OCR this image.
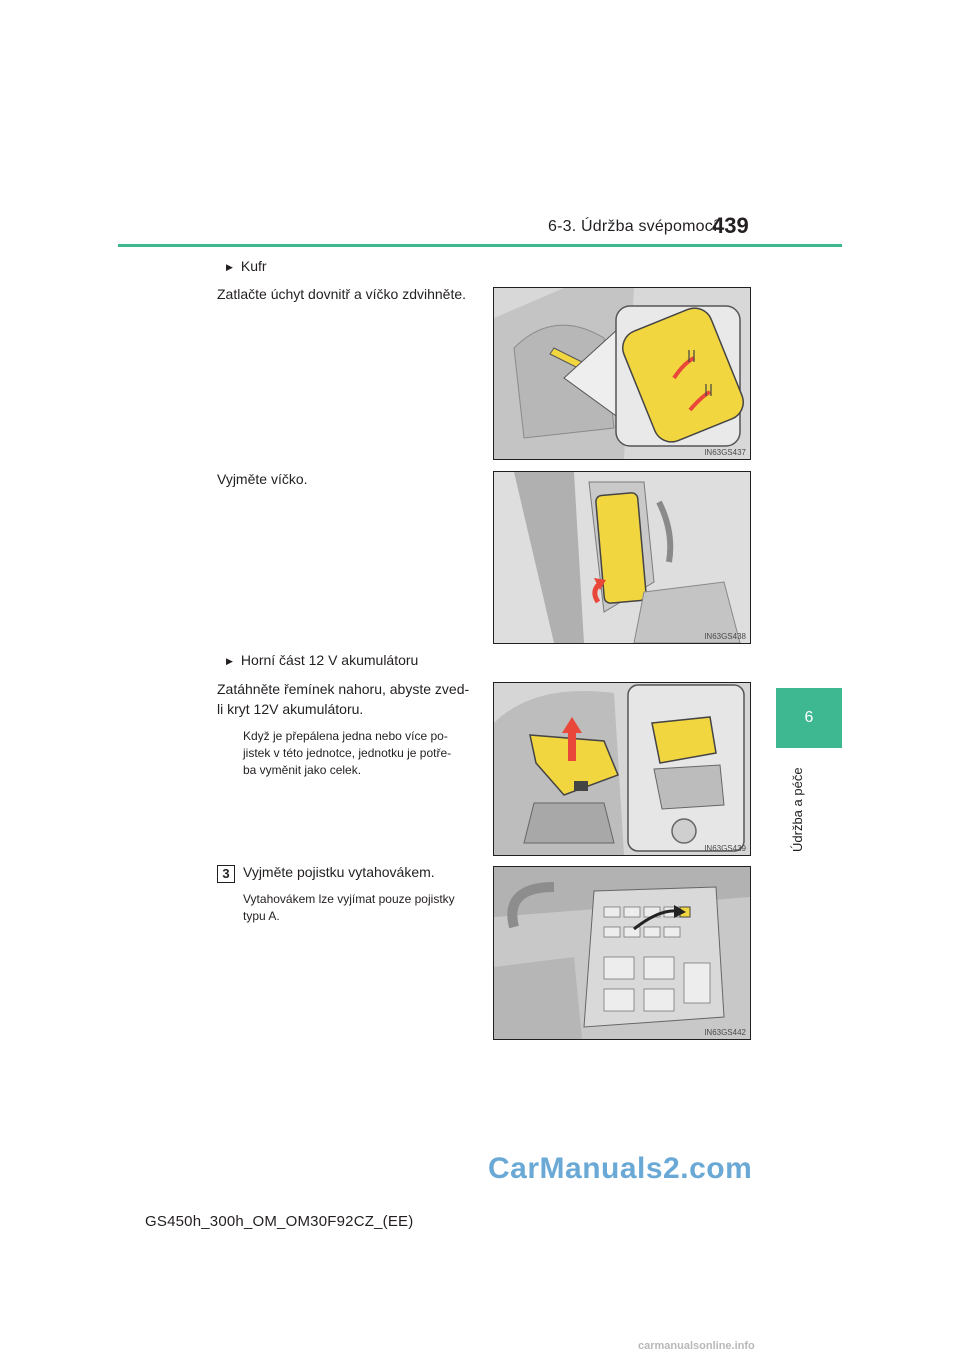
6-3. Údržba svépomocí
439
6
Údržba a péče
▶ Kufr
Zatlačte úchyt dovnitř a víčko zdvihněte.
IN63GS437
Vyjměte víčko.
IN63GS438
▶ Horní část 12 V akumulátoru
Zatáhněte řemínek nahoru, abyste zved-
li kryt 12V akumulátoru.
Když je přepálena jedna nebo více po-
jistek v této jednotce, jednotku je potře-
ba vyměnit jako celek.
IN63GS439
3 Vyjměte pojistku vytahovákem.
Vytahovákem lze vyjímat pouze pojistky
typu A.
IN63GS442
CarManuals2.com
GS450h_300h_OM_OM30F92CZ_(EE)
carmanualsonline.info
